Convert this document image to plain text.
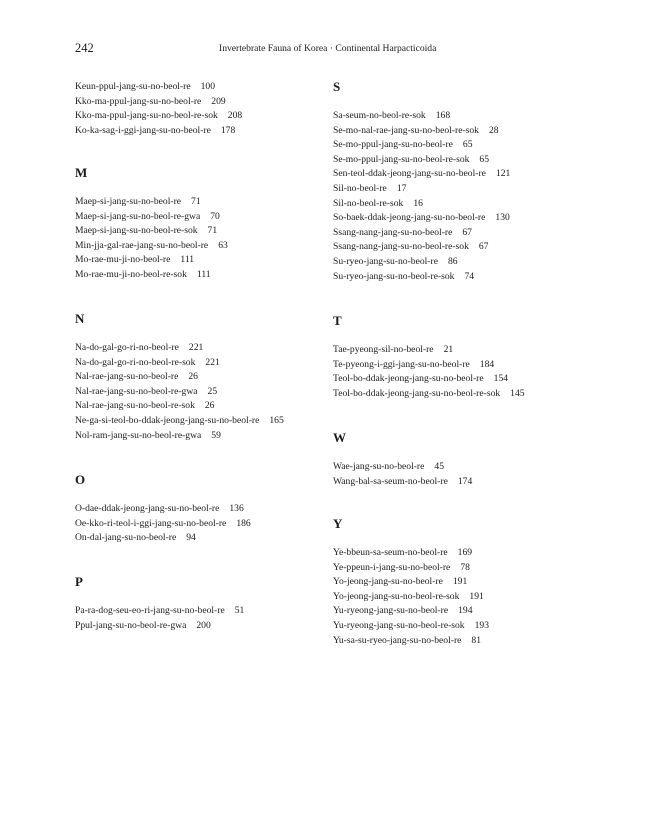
242	Invertebrate Fauna of Korea · Continental Harpacticoida
Keun-ppul-jang-su-no-beol-re 100
Kko-ma-ppul-jang-su-no-beol-re 209
Kko-ma-ppul-jang-su-no-beol-re-sok 208
Ko-ka-sag-i-ggi-jang-su-no-beol-re 178
M
Maep-si-jang-su-no-beol-re 71
Maep-si-jang-su-no-beol-re-gwa 70
Maep-si-jang-su-no-beol-re-sok 71
Min-jja-gal-rae-jang-su-no-beol-re 63
Mo-rae-mu-ji-no-beol-re 111
Mo-rae-mu-ji-no-beol-re-sok 111
N
Na-do-gal-go-ri-no-beol-re 221
Na-do-gal-go-ri-no-beol-re-sok 221
Nal-rae-jang-su-no-beol-re 26
Nal-rae-jang-su-no-beol-re-gwa 25
Nal-rae-jang-su-no-beol-re-sok 26
Ne-ga-si-teol-bo-ddak-jeong-jang-su-no-beol-re 165
Nol-ram-jang-su-no-beol-re-gwa 59
O
O-dae-ddak-jeong-jang-su-no-beol-re 136
Oe-kko-ri-teol-i-ggi-jang-su-no-beol-re 186
On-dal-jang-su-no-beol-re 94
P
Pa-ra-dog-seu-eo-ri-jang-su-no-beol-re 51
Ppul-jang-su-no-beol-re-gwa 200
S
Sa-seum-no-beol-re-sok 168
Se-mo-nal-rae-jang-su-no-beol-re-sok 28
Se-mo-ppul-jang-su-no-beol-re 65
Se-mo-ppul-jang-su-no-beol-re-sok 65
Sen-teol-ddak-jeong-jang-su-no-beol-re 121
Sil-no-beol-re 17
Sil-no-beol-re-sok 16
So-baek-ddak-jeong-jang-su-no-beol-re 130
Ssang-nang-jang-su-no-beol-re 67
Ssang-nang-jang-su-no-beol-re-sok 67
Su-ryeo-jang-su-no-beol-re 86
Su-ryeo-jang-su-no-beol-re-sok 74
T
Tae-pyeong-sil-no-beol-re 21
Te-pyeong-i-ggi-jang-su-no-beol-re 184
Teol-bo-ddak-jeong-jang-su-no-beol-re 154
Teol-bo-ddak-jeong-jang-su-no-beol-re-sok 145
W
Wae-jang-su-no-beol-re 45
Wang-bal-sa-seum-no-beol-re 174
Y
Ye-bbeun-sa-seum-no-beol-re 169
Ye-ppeun-i-jang-su-no-beol-re 78
Yo-jeong-jang-su-no-beol-re 191
Yo-jeong-jang-su-no-beol-re-sok 191
Yu-ryeong-jang-su-no-beol-re 194
Yu-ryeong-jang-su-no-beol-re-sok 193
Yu-sa-su-ryeo-jang-su-no-beol-re 81
